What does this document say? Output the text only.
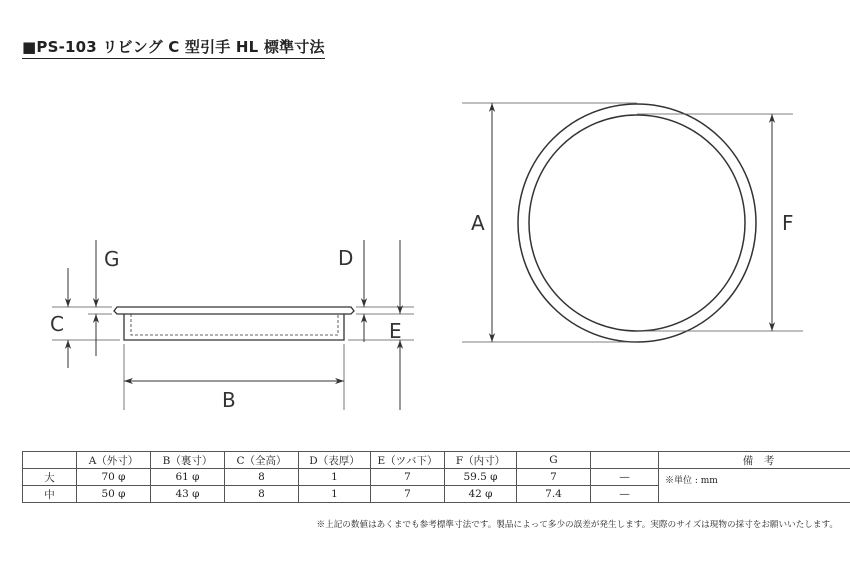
■PS-103 リビング C 型引手 HL 標準寸法
C
G
B
D
E
A	F
	A（外寸）	B（裏寸）	C（全高）	D（表厚）	E（ツバ下）	F（内寸）	G		備　考
大	70 φ	61 φ	8	1	7	59.5 φ	7	—	※単位 : mm
中	50 φ	43 φ	8	1	7	42 φ	7.4	—	
※上記の数値はあくまでも参考標準寸法です。製品によって多少の誤差が発生します。実際のサイズは現物の採寸をお願いいたします。
